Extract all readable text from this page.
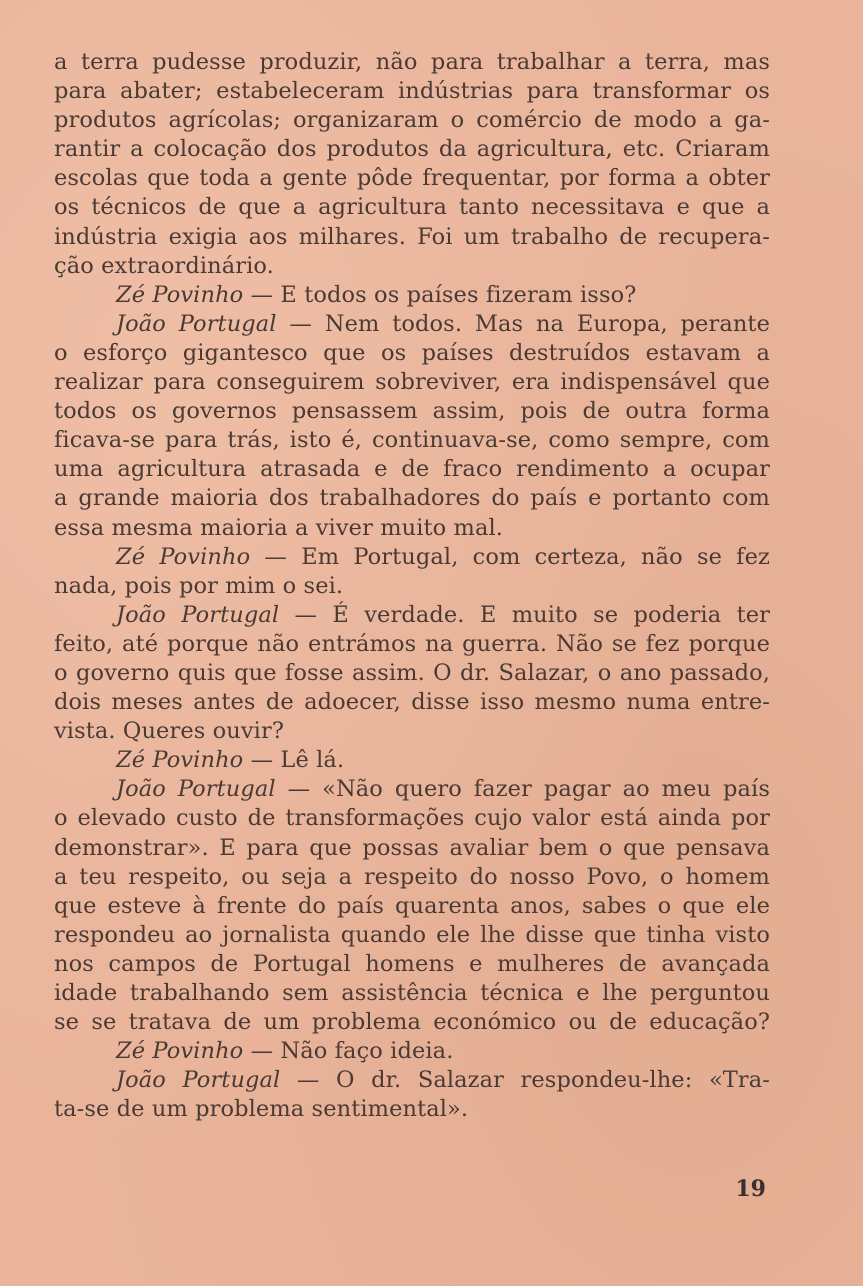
a terra pudesse produzir, não para trabalhar a terra, mas
para abater; estabeleceram indústrias para transformar os
produtos agrícolas; organizaram o comércio de modo a ga-
rantir a colocação dos produtos da agricultura, etc. Criaram
escolas que toda a gente pôde frequentar, por forma a obter
os técnicos de que a agricultura tanto necessitava e que a
indústria exigia aos milhares. Foi um trabalho de recupera-
ção extraordinário.
Zé Povinho — E todos os países fizeram isso?
João Portugal — Nem todos. Mas na Europa, perante
o esforço gigantesco que os países destruídos estavam a
realizar para conseguirem sobreviver, era indispensável que
todos os governos pensassem assim, pois de outra forma
ficava-se para trás, isto é, continuava-se, como sempre, com
uma agricultura atrasada e de fraco rendimento a ocupar
a grande maioria dos trabalhadores do país e portanto com
essa mesma maioria a viver muito mal.
Zé Povinho — Em Portugal, com certeza, não se fez
nada, pois por mim o sei.
João Portugal — É verdade. E muito se poderia ter
feito, até porque não entrámos na guerra. Não se fez porque
o governo quis que fosse assim. O dr. Salazar, o ano passado,
dois meses antes de adoecer, disse isso mesmo numa entre-
vista. Queres ouvir?
Zé Povinho — Lê lá.
João Portugal — «Não quero fazer pagar ao meu país
o elevado custo de transformações cujo valor está ainda por
demonstrar». E para que possas avaliar bem o que pensava
a teu respeito, ou seja a respeito do nosso Povo, o homem
que esteve à frente do país quarenta anos, sabes o que ele
respondeu ao jornalista quando ele lhe disse que tinha visto
nos campos de Portugal homens e mulheres de avançada
idade trabalhando sem assistência técnica e lhe perguntou
se se tratava de um problema económico ou de educação?
Zé Povinho — Não faço ideia.
João Portugal — O dr. Salazar respondeu-lhe: «Tra-
ta-se de um problema sentimental».
19
